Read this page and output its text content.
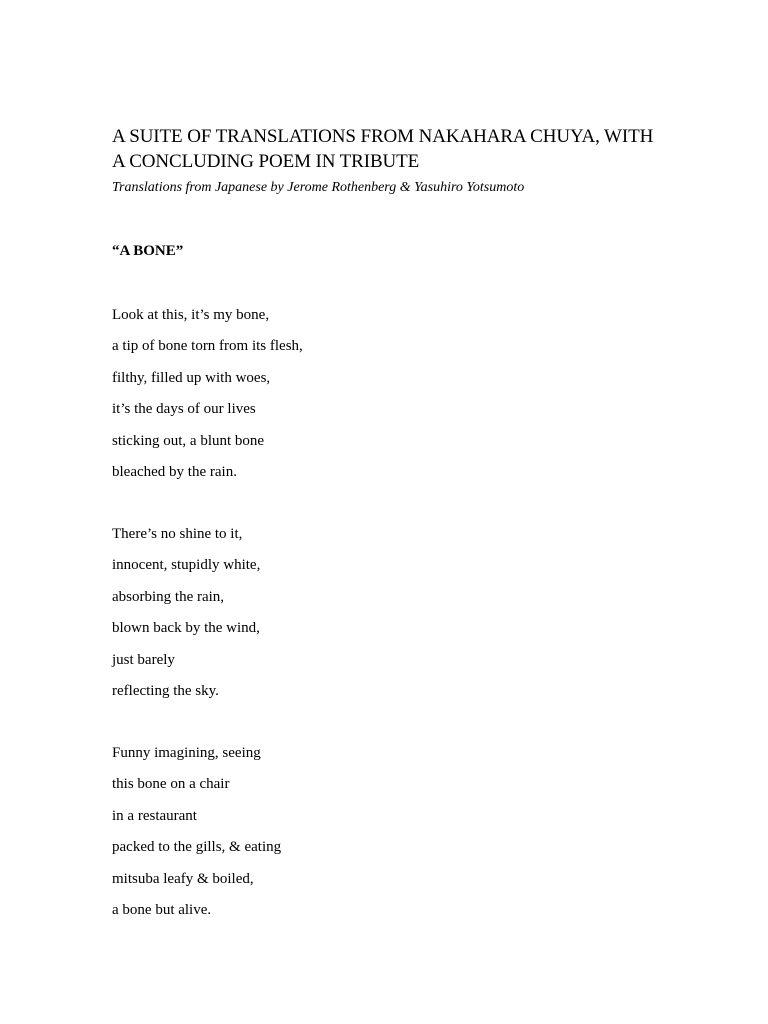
A SUITE OF TRANSLATIONS FROM NAKAHARA CHUYA, WITH
A CONCLUDING POEM IN TRIBUTE
Translations from Japanese by Jerome Rothenberg & Yasuhiro Yotsumoto
“A BONE”
Look at this, it’s my bone,
a tip of bone torn from its flesh,
filthy, filled up with woes,
it’s the days of our lives
sticking out, a blunt bone
bleached by the rain.
There’s no shine to it,
innocent, stupidly white,
absorbing the rain,
blown back by the wind,
just barely
reflecting the sky.
Funny imagining, seeing
this bone on a chair
in a restaurant
packed to the gills, & eating
mitsuba leafy & boiled,
a bone but alive.
